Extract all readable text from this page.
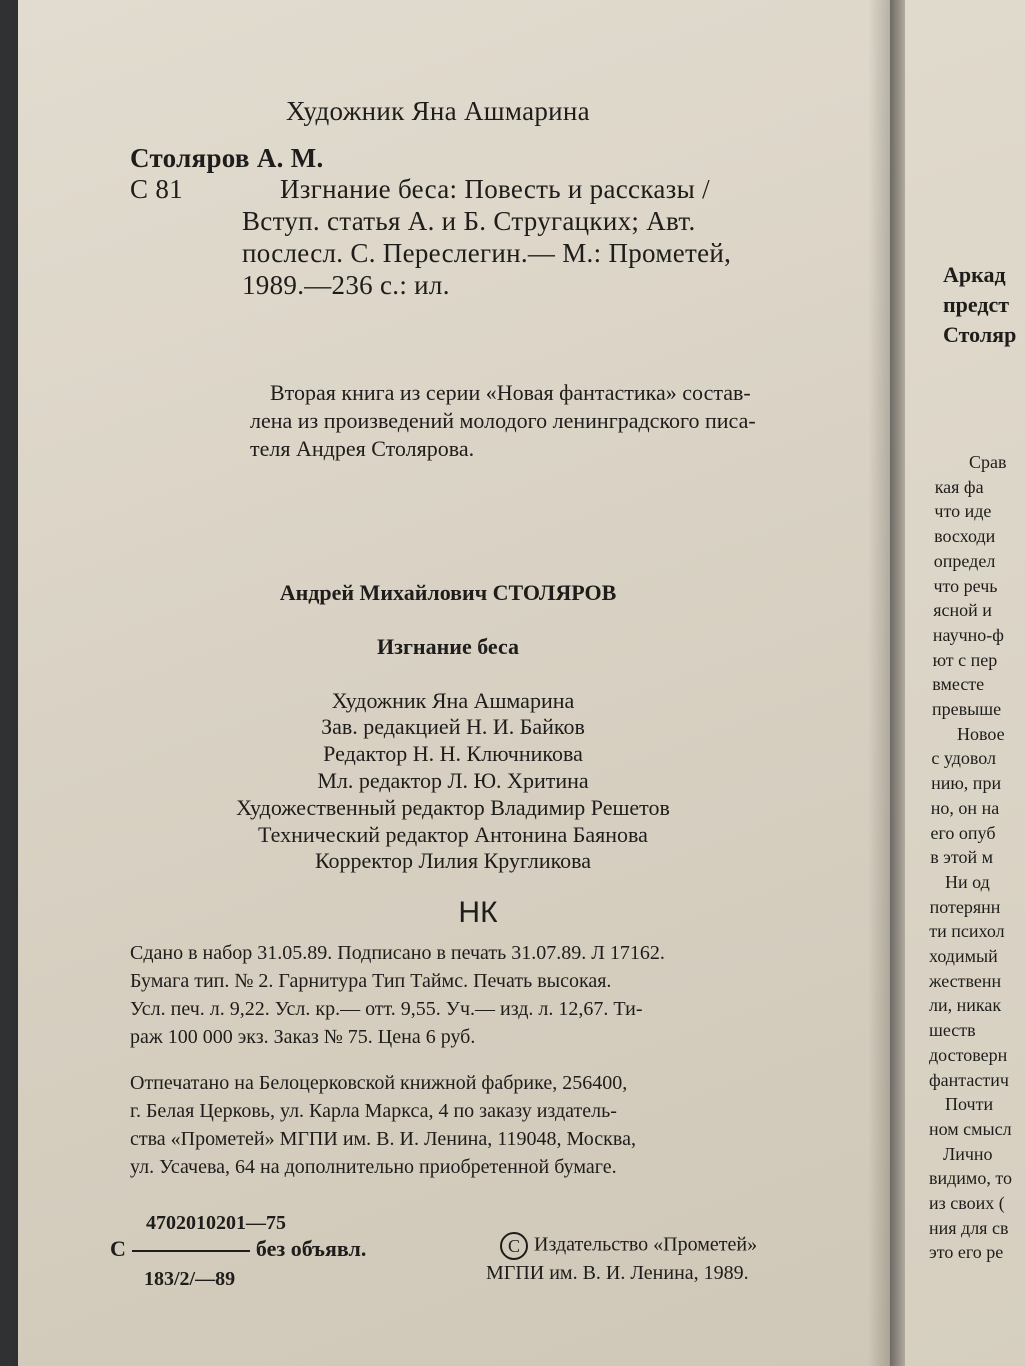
Художник Яна Ашмарина

Столяров А. М.

С 81	Изгнание беса: Повесть и рассказы /

Вступ. статья А. и Б. Стругацких; Авт.

послесл. С. Переслегин.— М.: Прометей,

1989.—236 с.: ил.

Вторая книга из серии «Новая фантастика» состав-

лена из произведений молодого ленинградского писа-

теля Андрея Столярова.

Андрей Михайлович СТОЛЯРОВ

Изгнание беса

Художник Яна Ашмарина

Зав. редакцией Н. И. Байков

Редактор Н. Н. Ключникова

Мл. редактор Л. Ю. Хритина

Художественный редактор Владимир Решетов

Технический редактор Антонина Баянова

Корректор Лилия Кругликова

НК

Сдано в набор 31.05.89. Подписано в печать 31.07.89. Л 17162.

Бумага тип. № 2. Гарнитура Тип Таймс. Печать высокая.

Усл. печ. л. 9,22. Усл. кр.— отт. 9,55. Уч.— изд. л. 12,67. Ти-

раж 100 000 экз. Заказ № 75. Цена 6 руб.

Отпечатано на Белоцерковской книжной фабрике, 256400,

г. Белая Церковь, ул. Карла Маркса, 4 по заказу издатель-

ства «Прометей» МГПИ им. В. И. Ленина, 119048, Москва,

ул. Усачева, 64 на дополнительно приобретенной бумаге.

4702010201—75

С	без объявл.

183/2/—89

C Издательство «Прометей»

МГПИ им. В. И. Ленина, 1989.

Аркад
предст
Столяр
Срав
кая фа
что иде
восходи
определ
что речь
ясной и
научно-ф
ют с пер
вместе
превыше
Новое
с удовол
нию, при
но, он на
его опуб
в этой м
Ни од
потерянн
ти психол
ходимый
жественн
ли, никак
шеств
достоверн
фантастич
Почти
ном смысл
Лично
видимо, то
из своих (
ния для св
это его ре
